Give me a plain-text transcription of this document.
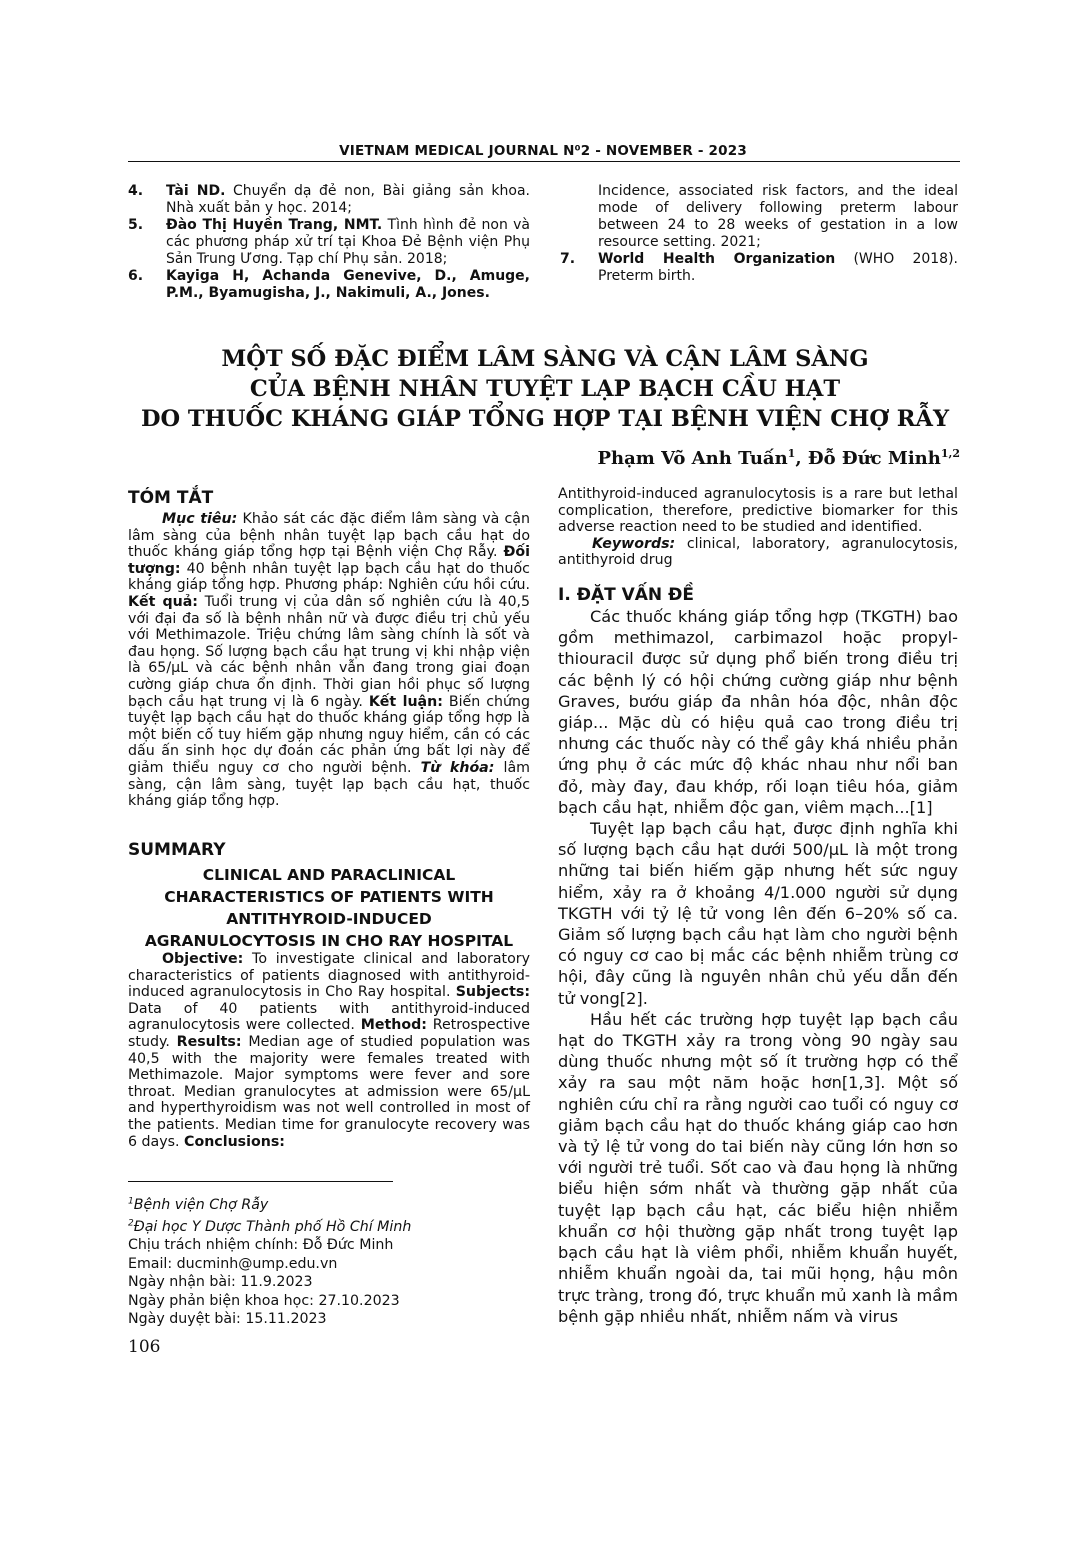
VIETNAM MEDICAL JOURNAL N⁰2 - NOVEMBER - 2023
4.	Tài ND. Chuyển dạ đẻ non, Bài giảng sản khoa. Nhà xuất bản y học. 2014;
5.	Đào Thị Huyền Trang, NMT. Tình hình đẻ non và các phương pháp xử trí tại Khoa Đẻ Bệnh viện Phụ Sản Trung Ương. Tạp chí Phụ sản. 2018;
6.	Kayiga H, Achanda Genevive, D., Amuge, P.M., Byamugisha, J., Nakimuli, A., Jones.
Incidence, associated risk factors, and the ideal mode of delivery following preterm labour between 24 to 28 weeks of gestation in a low resource setting. 2021;
7.	World Health Organization (WHO 2018). Preterm birth.
MỘT SỐ ĐẶC ĐIỂM LÂM SÀNG VÀ CẬN LÂM SÀNG
CỦA BỆNH NHÂN TUYỆT LẠP BẠCH CẦU HẠT
DO THUỐC KHÁNG GIÁP TỔNG HỢP TẠI BỆNH VIỆN CHỢ RẪY
Phạm Võ Anh Tuấn$^1$, Đỗ Đức Minh$^{1,2}$
TÓM TẮT
Mục tiêu: Khảo sát các đặc điểm lâm sàng và cận lâm sàng của bệnh nhân tuyệt lạp bạch cầu hạt do thuốc kháng giáp tổng hợp tại Bệnh viện Chợ Rẫy. Đối tượng: 40 bệnh nhân tuyệt lạp bạch cầu hạt do thuốc kháng giáp tổng hợp. Phương pháp: Nghiên cứu hồi cứu. Kết quả: Tuổi trung vị của dân số nghiên cứu là 40,5 với đại đa số là bệnh nhân nữ và được điều trị chủ yếu với Methimazole. Triệu chứng lâm sàng chính là sốt và đau họng. Số lượng bạch cầu hạt trung vị khi nhập viện là 65/µL và các bệnh nhân vẫn đang trong giai đoạn cường giáp chưa ổn định. Thời gian hồi phục số lượng bạch cầu hạt trung vị là 6 ngày. Kết luận: Biến chứng tuyệt lạp bạch cầu hạt do thuốc kháng giáp tổng hợp là một biến cố tuy hiếm gặp nhưng nguy hiểm, cần có các dấu ấn sinh học dự đoán các phản ứng bất lợi này để giảm thiểu nguy cơ cho người bệnh. Từ khóa: lâm sàng, cận lâm sàng, tuyệt lạp bạch cầu hạt, thuốc kháng giáp tổng hợp.
SUMMARY
CLINICAL AND PARACLINICAL
CHARACTERISTICS OF PATIENTS WITH
ANTITHYROID-INDUCED
AGRANULOCYTOSIS IN CHO RAY HOSPITAL
Objective: To investigate clinical and laboratory characteristics of patients diagnosed with antithyroid-induced agranulocytosis in Cho Ray hospital. Subjects: Data of 40 patients with antithyroid-induced agranulocytosis were collected. Method: Retrospective study. Results: Median age of studied population was 40,5 with the majority were females treated with Methimazole. Major symptoms were fever and sore throat. Median granulocytes at admission were 65/µL and hyperthyroidism was not well controlled in most of the patients. Median time for granulocyte recovery was 6 days. Conclusions:
$^1$Bệnh viện Chợ Rẫy
$^2$Đại học Y Dược Thành phố Hồ Chí Minh
Chịu trách nhiệm chính: Đỗ Đức Minh
Email: ducminh@ump.edu.vn
Ngày nhận bài: 11.9.2023
Ngày phản biện khoa học: 27.10.2023
Ngày duyệt bài: 15.11.2023
106
Antithyroid-induced agranulocytosis is a rare but lethal complication, therefore, predictive biomarker for this adverse reaction need to be studied and identified.
Keywords: clinical, laboratory, agranulocytosis, antithyroid drug
I. ĐẶT VẤN ĐỀ
Các thuốc kháng giáp tổng hợp (TKGTH) bao gồm methimazol, carbimazol hoặc propyl-thiouracil được sử dụng phổ biến trong điều trị các bệnh lý có hội chứng cường giáp như bệnh Graves, bướu giáp đa nhân hóa độc, nhân độc giáp... Mặc dù có hiệu quả cao trong điều trị nhưng các thuốc này có thể gây khá nhiều phản ứng phụ ở các mức độ khác nhau như nổi ban đỏ, mày đay, đau khớp, rối loạn tiêu hóa, giảm bạch cầu hạt, nhiễm độc gan, viêm mạch...[1]
Tuyệt lạp bạch cầu hạt, được định nghĩa khi số lượng bạch cầu hạt dưới 500/µL là một trong những tai biến hiếm gặp nhưng hết sức nguy hiểm, xảy ra ở khoảng 4/1.000 người sử dụng TKGTH với tỷ lệ tử vong lên đến 6–20% số ca. Giảm số lượng bạch cầu hạt làm cho người bệnh có nguy cơ cao bị mắc các bệnh nhiễm trùng cơ hội, đây cũng là nguyên nhân chủ yếu dẫn đến tử vong[2].
Hầu hết các trường hợp tuyệt lạp bạch cầu hạt do TKGTH xảy ra trong vòng 90 ngày sau dùng thuốc nhưng một số ít trường hợp có thể xảy ra sau một năm hoặc hơn[1,3]. Một số nghiên cứu chỉ ra rằng người cao tuổi có nguy cơ giảm bạch cầu hạt do thuốc kháng giáp cao hơn và tỷ lệ tử vong do tai biến này cũng lớn hơn so với người trẻ tuổi. Sốt cao và đau họng là những biểu hiện sớm nhất và thường gặp nhất của tuyệt lạp bạch cầu hạt, các biểu hiện nhiễm khuẩn cơ hội thường gặp nhất trong tuyệt lạp bạch cầu hạt là viêm phổi, nhiễm khuẩn huyết, nhiễm khuẩn ngoài da, tai mũi họng, hậu môn trực tràng, trong đó, trực khuẩn mủ xanh là mầm bệnh gặp nhiều nhất, nhiễm nấm và virus
